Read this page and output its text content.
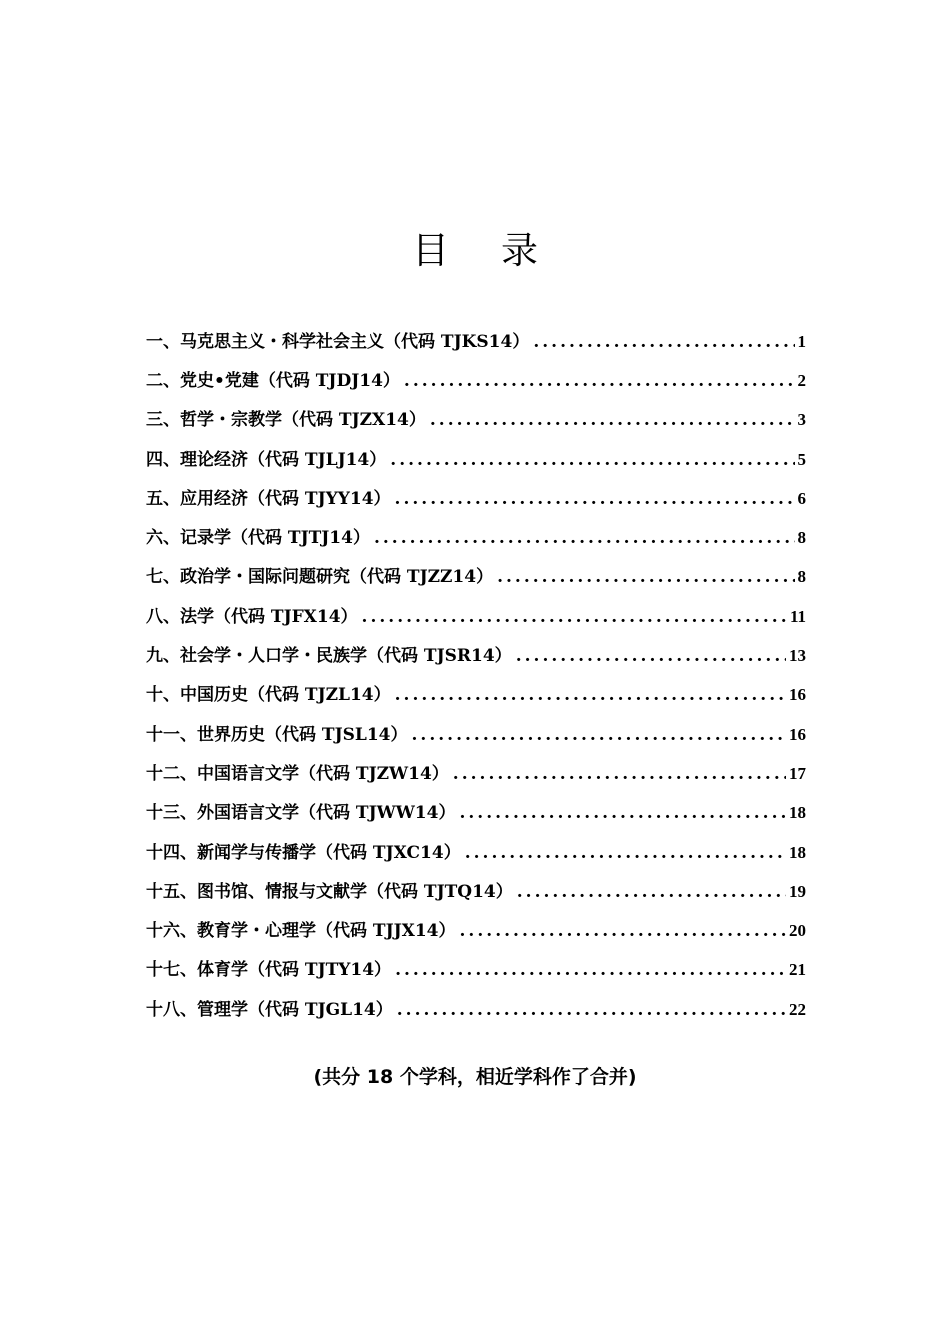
目录
一、马克思主义・科学社会主义（代码 TJKS14） .....	1
二、党史•党建（代码 TJDJ14） .....	2
三、哲学・宗教学（代码 TJZX14） .....	3
四、理论经济（代码 TJLJ14） .....	5
五、应用经济（代码 TJYY14） .....	6
六、记录学（代码 TJTJ14） .....	8
七、政治学・国际问题研究（代码 TJZZ14） .....	8
八、法学（代码 TJFX14） .....	11
九、社会学・人口学・民族学（代码 TJSR14） .....	13
十、中国历史（代码 TJZL14） .....	16
十一、世界历史（代码 TJSL14） .....	16
十二、中国语言文学（代码 TJZW14） .....	17
十三、外国语言文学（代码 TJWW14） .....	18
十四、新闻学与传播学（代码 TJXC14） .....	18
十五、图书馆、情报与文献学（代码 TJTQ14） .....	19
十六、教育学・心理学（代码 TJJX14） .....	20
十七、体育学（代码 TJTY14） .....	21
十八、管理学（代码 TJGL14） .....	22

(共分 18 个学科，相近学科作了合并)
